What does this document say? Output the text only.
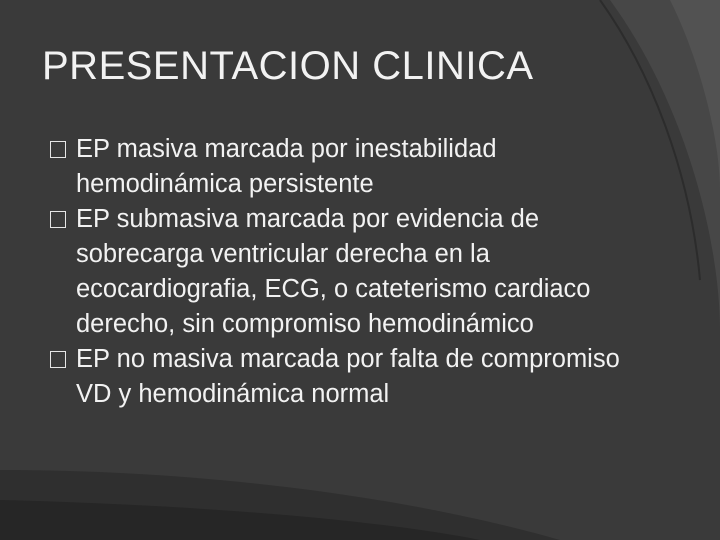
PRESENTACION CLINICA
EP masiva marcada por inestabilidad hemodinámica persistente
EP submasiva marcada por evidencia de sobrecarga ventricular derecha en la ecocardiografia, ECG, o cateterismo cardiaco derecho, sin compromiso hemodinámico
EP no masiva marcada por falta de compromiso VD y hemodinámica normal
